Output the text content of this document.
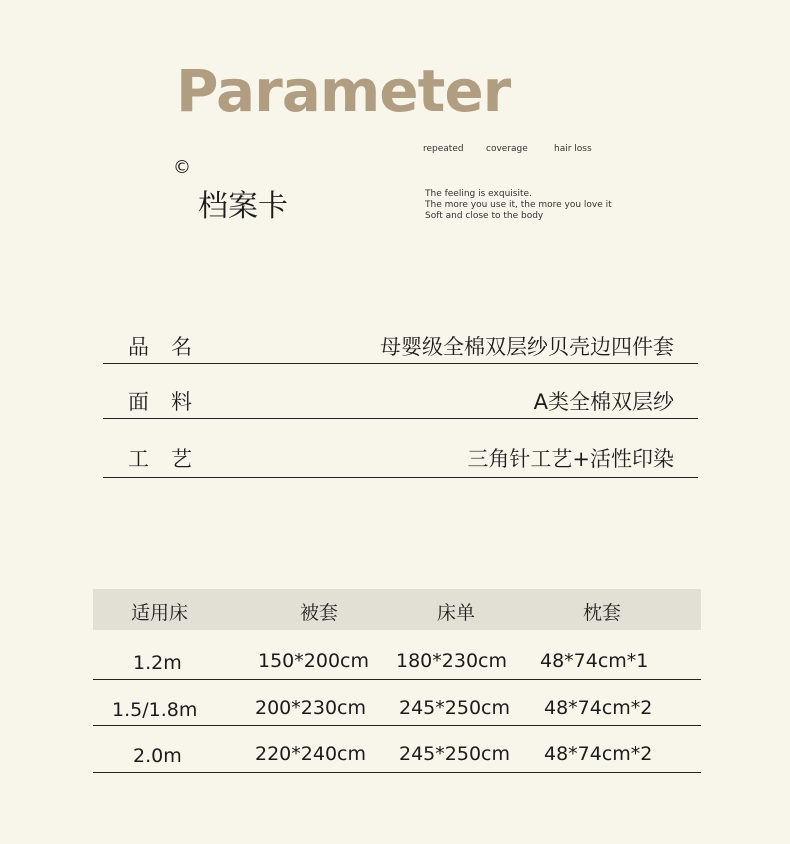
Parameter
©
档案卡
repeated coverage	hair loss
The feeling is exquisite.
The more you use it, the more you love it
Soft and close to the body
品名	母婴级全棉双层纱贝壳边四件套
面料	A类全棉双层纱
工艺	三角针工艺+活性印染
适用床	被套	床单	枕套
1.2m	150*200cm 180*230cm 48*74cm*1
1.5/1.8m	200*230cm 245*250cm 48*74cm*2
2.0m	220*240cm 245*250cm 48*74cm*2
